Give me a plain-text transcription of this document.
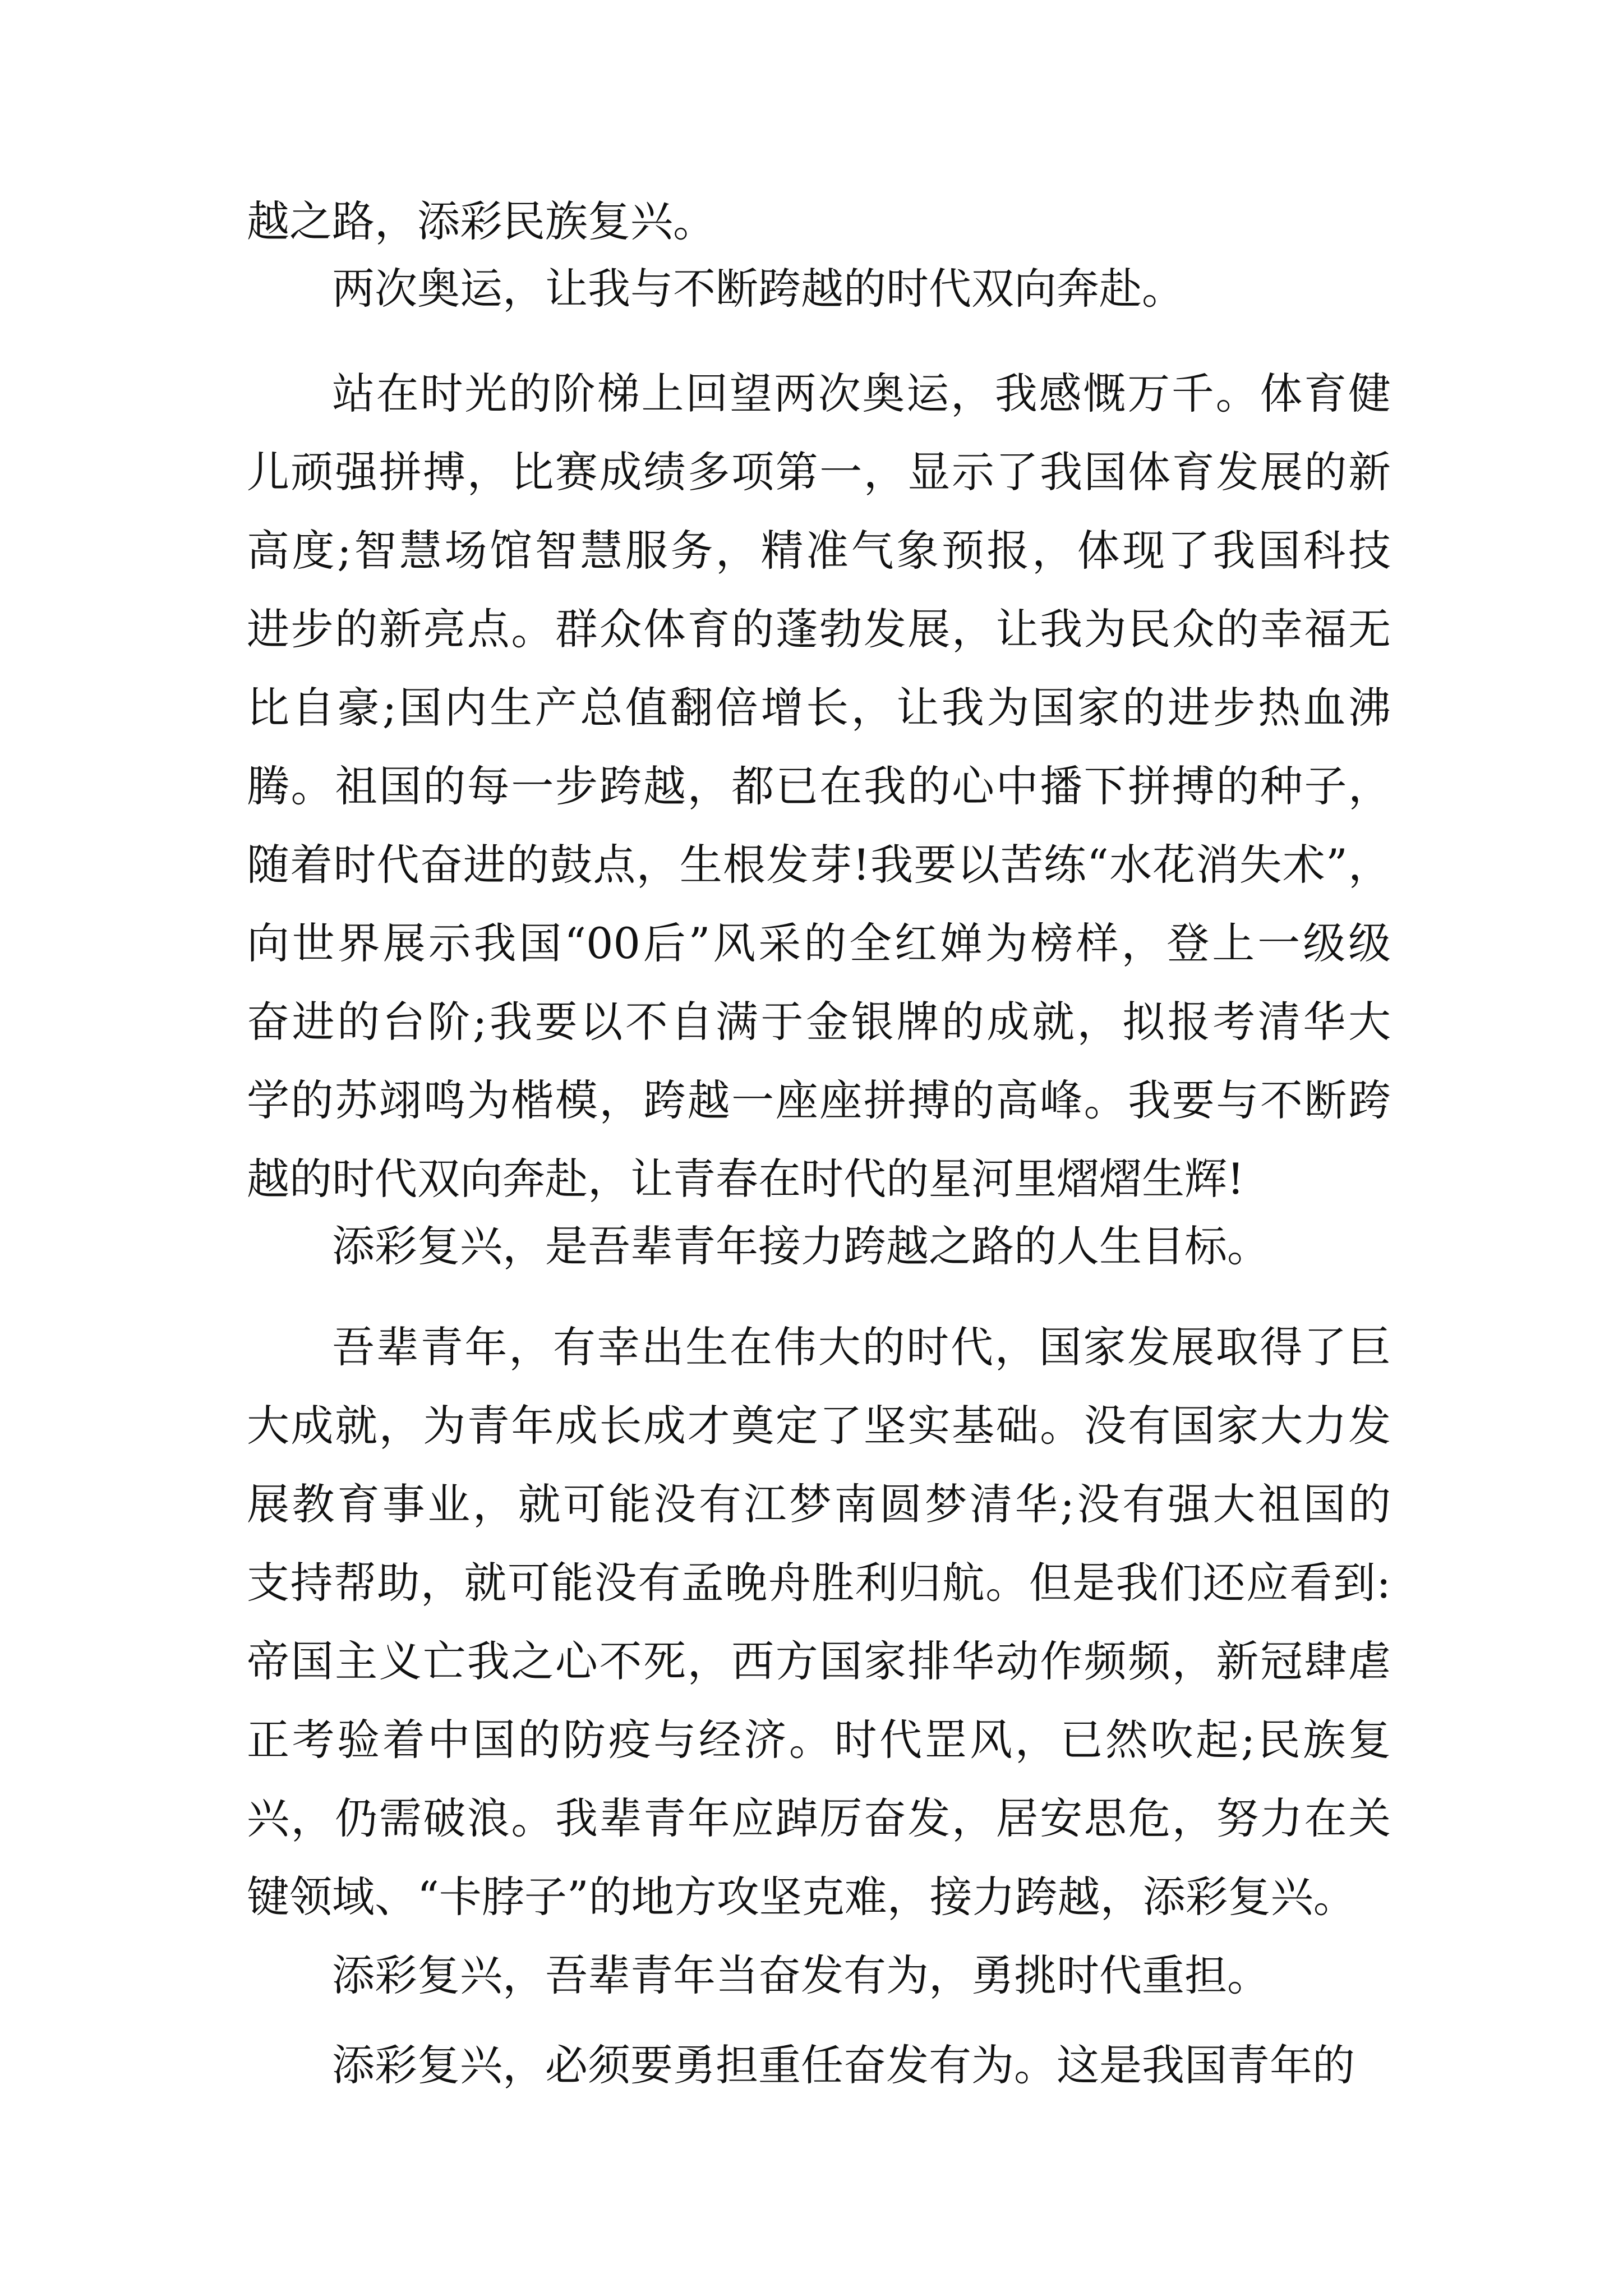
越之路，添彩民族复兴。
两次奥运，让我与不断跨越的时代双向奔赴。
站在时光的阶梯上回望两次奥运，我感慨万千。体育健
儿顽强拼搏，比赛成绩多项第一，显示了我国体育发展的新
高度;智慧场馆智慧服务，精准气象预报，体现了我国科技
进步的新亮点。群众体育的蓬勃发展，让我为民众的幸福无
比自豪;国内生产总值翻倍增长，让我为国家的进步热血沸
腾。祖国的每一步跨越，都已在我的心中播下拼搏的种子，
随着时代奋进的鼓点，生根发芽!我要以苦练“水花消失术”，
向世界展示我国“00后”风采的全红婵为榜样，登上一级级
奋进的台阶;我要以不自满于金银牌的成就，拟报考清华大
学的苏翊鸣为楷模，跨越一座座拼搏的高峰。我要与不断跨
越的时代双向奔赴，让青春在时代的星河里熠熠生辉!
添彩复兴，是吾辈青年接力跨越之路的人生目标。
吾辈青年，有幸出生在伟大的时代，国家发展取得了巨
大成就，为青年成长成才奠定了坚实基础。没有国家大力发
展教育事业，就可能没有江梦南圆梦清华;没有强大祖国的
支持帮助，就可能没有孟晚舟胜利归航。但是我们还应看到:
帝国主义亡我之心不死，西方国家排华动作频频，新冠肆虐
正考验着中国的防疫与经济。时代罡风，已然吹起;民族复
兴，仍需破浪。我辈青年应踔厉奋发，居安思危，努力在关
键领域、“卡脖子”的地方攻坚克难，接力跨越，添彩复兴。
添彩复兴，吾辈青年当奋发有为，勇挑时代重担。
添彩复兴，必须要勇担重任奋发有为。这是我国青年的
